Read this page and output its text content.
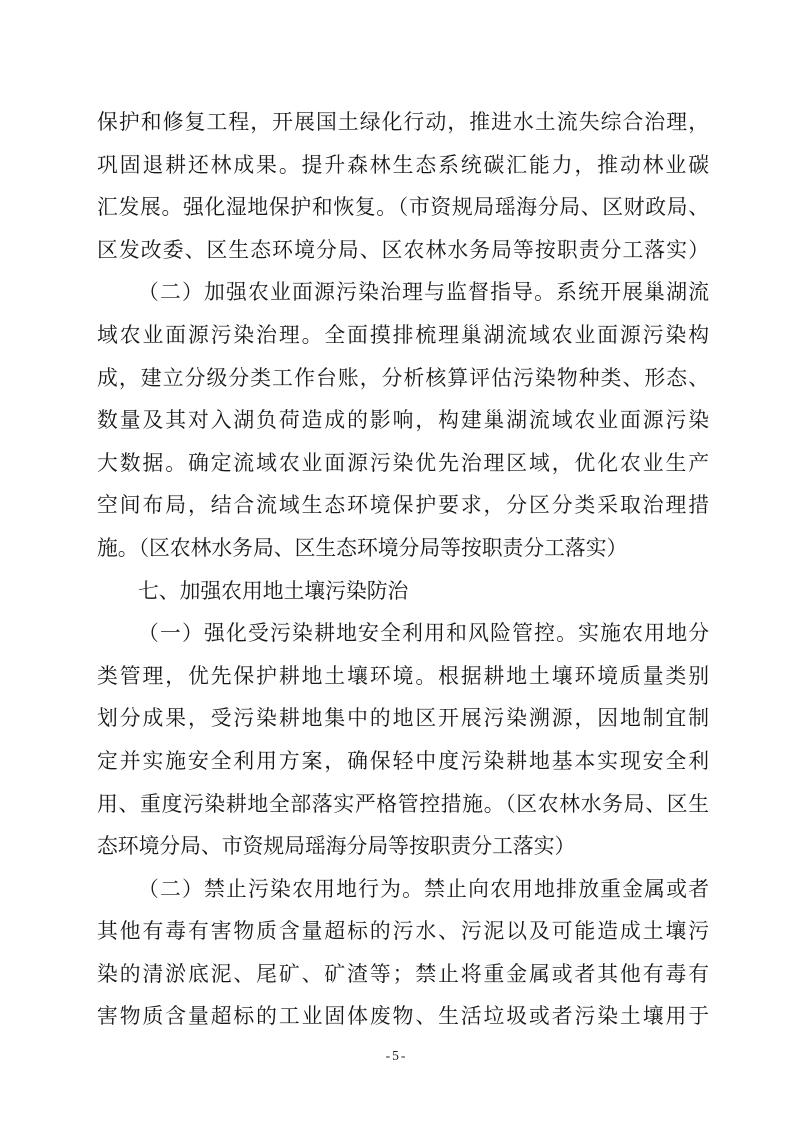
保护和修复工程，开展国土绿化行动，推进水土流失综合治理，
巩固退耕还林成果。提升森林生态系统碳汇能力，推动林业碳
汇发展。强化湿地保护和恢复。（市资规局瑶海分局、区财政局、
区发改委、区生态环境分局、区农林水务局等按职责分工落实）
（二）加强农业面源污染治理与监督指导。系统开展巢湖流
域农业面源污染治理。全面摸排梳理巢湖流域农业面源污染构
成，建立分级分类工作台账，分析核算评估污染物种类、形态、
数量及其对入湖负荷造成的影响，构建巢湖流域农业面源污染
大数据。确定流域农业面源污染优先治理区域，优化农业生产
空间布局，结合流域生态环境保护要求，分区分类采取治理措
施。（区农林水务局、区生态环境分局等按职责分工落实）
七、加强农用地土壤污染防治
（一）强化受污染耕地安全利用和风险管控。实施农用地分
类管理，优先保护耕地土壤环境。根据耕地土壤环境质量类别
划分成果，受污染耕地集中的地区开展污染溯源，因地制宜制
定并实施安全利用方案，确保轻中度污染耕地基本实现安全利
用、重度污染耕地全部落实严格管控措施。（区农林水务局、区生
态环境分局、市资规局瑶海分局等按职责分工落实）
（二）禁止污染农用地行为。禁止向农用地排放重金属或者
其他有毒有害物质含量超标的污水、污泥以及可能造成土壤污
染的清淤底泥、尾矿、矿渣等；禁止将重金属或者其他有毒有
害物质含量超标的工业固体废物、生活垃圾或者污染土壤用于
-5-
